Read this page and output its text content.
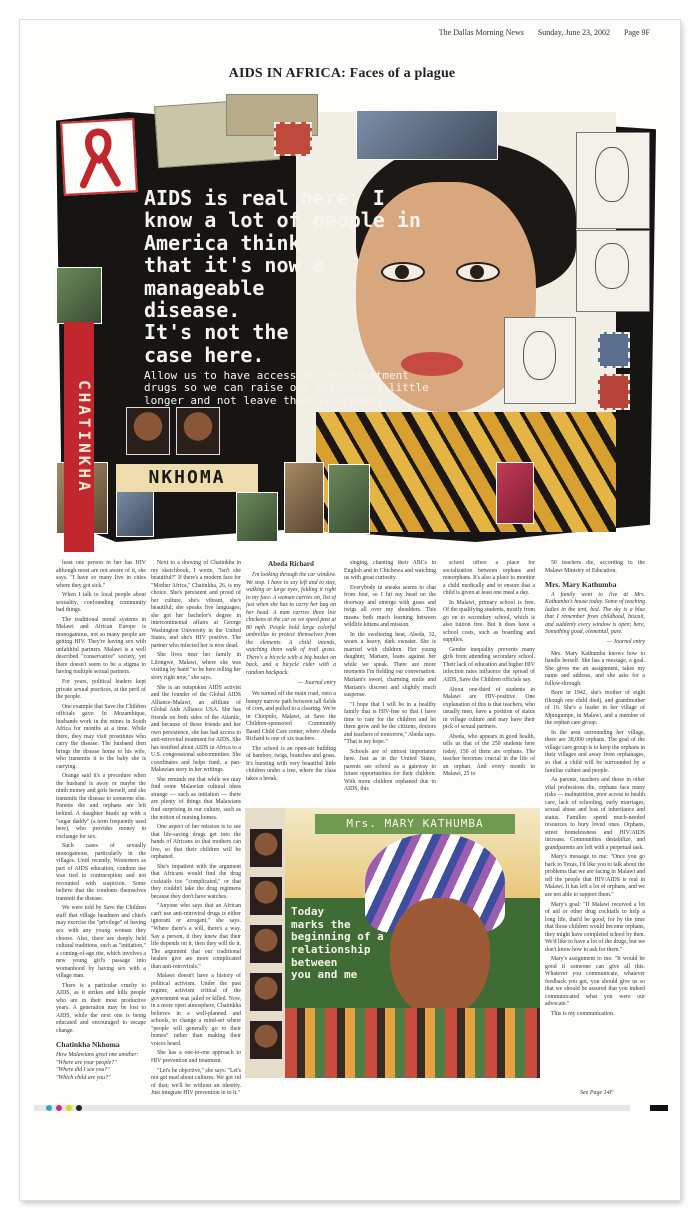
The Dallas Morning News Sunday, June 23, 2002 Page 9F
AIDS IN AFRICA: Faces of a plague
AIDS is real here. I
know a lot of people in
America think
that it's now a
manageable
disease.
It's not the
case here.
Allow us to have access to the treatment drugs so we can raise our children a little longer and not leave them as orphans.
CHATINKHA	NKHOMA

least one person in her has HIV although most are not aware of it, she says. "I have so many live in cities where they got sick."

When I talk to local people about sexuality, confounding community bad things.

The traditional moral systems in Malawi and African Europe is monogamous, not so many people are getting HIV. They're having sex with unfaithful partners. Malawi is a well described "conservative" society, yet there doesn't seem to be a stigma to having multiple sexual partners.

For years, political leaders kept private sexual practices, at the peril of the people.

One example that Save the Children officials gave: In Mozambique, husbands work in the mines in South Africa for months at a time. While there, they may visit prostitutes who carry the disease. The husband then brings the disease home to his wife, who transmits it to the baby she is carrying.

Orange said it's a procedure when the husband is away or maybe the ninth money and girls herself, and she transmits the disease to someone else. Parents die and orphans are left behind. A daughter heads up with a "sugar daddy" (a term frequently used here), who provides money in exchange for sex.

Such cases of sexually monogamous, particularly in the villages. Until recently, Westerners as part of AIDS education, condom use was tied to contraception and not recounted with suspicion. Some believe that the condoms themselves transmit the disease.

We were told by Save the Children staff that village headmen and chiefs may exercise the "privilege" of having sex with any young woman they choose. Also, there are deeply held cultural traditions, such as "initiation," a coming-of-age rite, which involves a new young girl's passage into womanhood by having sex with a village man.

There is a particular cruelty to AIDS, as it strikes and kills people who are in their most productive years. A generation may be lost to AIDS, while the next one is being educated and encouraged to escape change.

Chatinkha Nkhoma
How Malawians greet one another:
"Where are your people?"
"Where did I see you?"
"Which child are you?"

Next to a drawing of Chatinkha in my sketchbook, I wrote, "Isn't she beautiful?" If there's a modern face for "Mother Africa," Chatinkha, 26, is my choice. She's persistent and proud of her culture, she's vibrant, she's beautiful; she speaks five languages; she got her bachelor's degree in intercontinental affairs at George Washington University in the United States, and she's HIV positive. The partner who infected her is now dead.

She lives near her family in Lilongwe, Malawi, where she was visiting by hand "to be here telling her story right now," she says.

She is an outspoken AIDS activist and the founder of the Global AIDS Alliance-Malawi, an affiliate of Global Aids Alliance USA. She has friends on both sides of the Atlantic, and because of those friends and her own persistence, she has had access to anti-retroviral treatment for AIDS. She has testified about AIDS in Africa to a U.S. congressional subcommittee. She coordinates and helps fund, a pan-Malawian story in her writings.

She reminds me that while we may find some Malawian cultural ideas strange — such as initiation — there are plenty of things that Malawians find surprising in our culture, such as the notion of nursing homes.

One aspect of her mission is to see that life-saving drugs get into the hands of Africans so that mothers can live, so that their children will be orphaned.

She's impatient with the argument that Africans would find the drug cocktails too "complicated," or that they couldn't take the drug regimens because they don't have watches.

"Anyone who says that an African can't use anti-retroviral drugs is either ignorant or arrogant," she says. "Where there's a will, there's a way. Say a person, if they knew that their life depends on it, then they will do it. The argument that our traditional healers give are more complicated than anti-retrovirals."

Malawi doesn't have a history of political activism. Under the past regime, activism critical of the government was jailed or killed. Now, in a more open atmosphere, Chatinkha believes in a well-planned and schools, to change a mind-set where "people will generally go to their homes" rather than making their voices heard.

She has a one-to-one approach to HIV prevention and treatment.

"Let's be objective," she says. "Let's not get mad about cultures. We got rid of that; we'll be without an identity. Just integrate HIV prevention in to it."

Abeda Richard

I'm looking through the car window. We stop. I have to say left and to stay, walking or large eyes, folding it right to my face. A woman carries on, list of just when she has to carry her bag on her head. A man carries three live chickens at the car as we speed past at 80 mph. People hold large colorful umbrellas to protect themselves from the elements. A child intends, watching them walk of trail grass. There's a bicycle with a big basket on back, and a bicycle rider with a random backpack.

— Journal entry

We turned off the main road, onto a bumpy narrow path between tall fields of corn, and pulled to a clearing. We're in Chiopulo, Malawi, at Save the Children-sponsored Community Based Child Care center, where Abeda Richard is one of six teachers.

The school is an open-air building of bamboo, twigs, branches and grass. It's bursting with very beautiful little children under a tree, where the class takes a break.

singing, chanting their ABCs in English and in Chichewa and watching us with great curiosity.

Everybody in sneaks seems to chat from four, so I hit my head on the doorway and emerge with grass and twigs all over my shoulders. This means both much learning between wildlife kittens and mission.

In the sweltering heat, Abeda, 32, wears a heavy, dark sweater. She is married with children. Her young daughter, Mariam, leans against her while we speak. There are more moments I'm fielding our conversation. Mariam's sweet, charming smile and Mariam's discreet and slightly much suspense.

"I hope that I will be in a healthy family that is HIV-free so that I have time to care for the children and let them grow and be the citizens, doctors and teachers of tomorrow," Abeda says. "That is my hope."

Schools are of utmost importance here. Just as in the United States, parents see school as a gateway to future opportunities for their children. With more children orphaned due to AIDS, this

school offers a place for socialization between orphans and nonorphans. It's also a place to monitor a child medically and to ensure that a child is given at least one meal a day.

In Malawi, primary school is free. Of the qualifying students, mostly from go on to secondary school, which is also tuition free. But it does have a school costs, such as boarding and supplies.

Gender inequality prevents many girls from attending secondary school. Their lack of education and higher HIV infection rates influence the spread of AIDS, Save the Children officials say.

About one-third of students in Malawi are HIV-positive. One explanation of this is that teachers, who usually men, have a position of status in village culture and may have their pick of sexual partners.

Abeda, who appears in good health, tells us that of the 250 students here today, 150 of them are orphans. The teacher becomes crucial in the life of an orphan. And every month in Malawi, 25 to

50 teachers die, according to the Malawi Ministry of Education.

Mrs. Mary Kathumba

A family went to live at Mrs. Kathumba's house today. Some of teaching ladies in the tent, bed. The sky is a blue that I remember from childhood, biscuit, and suddenly every window is open; here, Something good, elemental, pure.

— Journal entry

Mrs. Mary Kathumba knows how to handle herself. She has a message, a goal. She gives me an assignment, takes my name and address, and she asks for a follow-through.

Born in 1942, she's mother of eight (though one child died), and grandmother of 16. She's a leader in her village of Mpingumpe, in Malawi, and a member of the orphan care group.

In the area surrounding her village, there are 38,000 orphans. The goal of the village care group is to keep the orphans in their villages and away from orphanages, so that a child will be surrounded by a familiar culture and people.

As parents, teachers and those in other vital professions die, orphans face many risks — malnutrition, poor access to health care, lack of schooling, early marriages, sexual abuse and loss of inheritance and status. Families spend much-needed resources to bury loved ones. Orphans, street homelessness and HIV/AIDS increase. Communities destabilize, and grandparents are left with a perpetual task.

Mary's message to me: "Once you go back to Texas, I'd like you to talk about the problems that we are facing in Malawi and tell the people that HIV/AIDS is real in Malawi. It has left a lot of orphans, and we are not able to support them."

Mary's goal: "If Malawi received a lot of aid or other drug cocktails to help a long life, that'd be good, for by the time that those children would become orphans, they might have completed school by then. We'd like to have a lot of the drugs, but we don't know how to ask for them."

Mary's assignment to me: "It would be good if someone can give all this. Whatever you communicate, whatever feedback you got, you should give us so that we should be assured that you indeed communicated what you were our advocate."

This is my communication.

Mrs. MARY KATHUMBA
Today
marks the
beginning of a
relationship
between
you and me
See Page 14F
